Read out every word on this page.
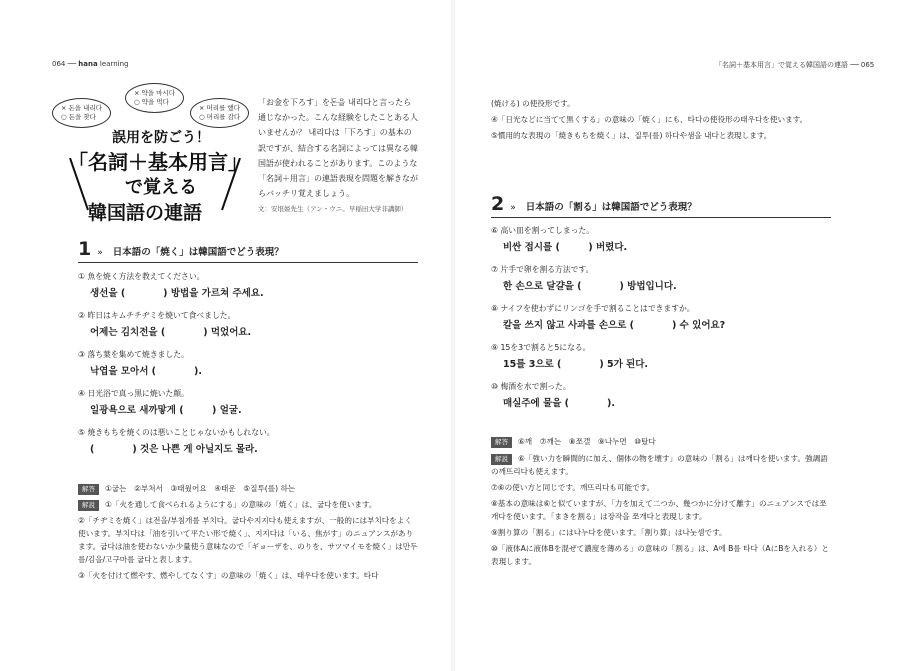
064 ── hana learning
× 돈을 내리다
○ 돈을 찾다
× 약을 마시다
○ 약을 먹다
× 머리를 했다
○ 머리를 감다
誤用を防ごう！
「名詞＋基本用言」
で覚える
韓国語の連語
「お金を下ろす」を돈을 내리다と言ったら通じなかった。こんな経験をしたことある人いませんか？ 내리다は「下ろす」の基本の訳ですが、結合する名詞によっては異なる韓国語が使われることがあります。このような「名詞＋用言」の連語表現を問題を解きながらバッチリ覚えましょう。
文：安垠姫先生（アン・ウニ。早稲田大学非講師）
1 » 日本語の「焼く」は韓国語でどう表現？
① 魚を焼く方法を教えてください。
생선을 (　　　　) 방법을 가르쳐 주세요.
② 昨日はキムチチヂミを焼いて食べました。
어제는 김치전을 (　　　　) 먹었어요.
③ 落ち葉を集めて焼きました。
낙엽을 모아서 (　　　　).
④ 日光浴で真っ黒に焼いた顔。
일광욕으로 새까맣게 (　　　) 얼굴.
⑤ 焼きもちを焼くのは悪いことじゃないかもしれない。
(　　　　) 것은 나쁜 게 아닐지도 몰라.
解答 ①굽는　②부쳐서　③태웠어요　④태운　⑤질투(를) 하는
解説 ①「火を通して食べられるようにする」の意味の「焼く」は、굽다を使います。
②「チヂミを焼く」は전을/부침개를 부치다。굽다や지지다も使えますが、一般的には부치다をよく使います。부치다は「油を引いて平たい形で焼く」、지지다は「いる、焦がす」のニュアンスがあります。굽다は油を使わないか少量使う意味なので「ギョーザを、のりを、サツマイモを焼く」は만두를/김을/고구마를 굽다と表します。
③「火を付けて燃やす、燃やしてなくす」の意味の「焼く」は、태우다を使います。타다
「名詞＋基本用言」で覚える韓国語の連語 ── 065
(焼ける) の使役形です。
④「日光などに当てて黒くする」の意味の「焼く」にも、타다の使役形の태우다を使います。
⑤慣用的な表現の「焼きもちを焼く」は、질투(를) 하다や샘을 내다と表現します。
2 » 日本語の「割る」は韓国語でどう表現？
⑥ 高い皿を割ってしまった。
비싼 접시를 (　　　) 버렸다.
⑦ 片手で卵を割る方法です。
한 손으로 달걀을 (　　　　) 방법입니다.
⑧ ナイフを使わずにリンゴを手で割ることはできますか。
칼을 쓰지 않고 사과를 손으로 (　　　　) 수 있어요?
⑨ 15を3で割ると5になる。
15를 3으로 (　　　　) 5가 된다.
⑩ 梅酒を水で割った。
매실주에 물을 (　　　　).
解答 ⑥깨　⑦깨는　⑧쪼갤　⑨나누면　⑩탔다
解説 ⑥「強い力を瞬間的に加え、個体の物を壊す」の意味の「割る」は깨다を使います。強調語の깨뜨리다も使えます。
⑦⑥の使い方と同じです。깨뜨리다も可能です。
⑧基本の意味は⑥と似ていますが、「力を加えて二つか、幾つかに分けて離す」のニュアンスでは쪼개다を使います。「まきを割る」は장작을 쪼개다と表現します。
⑨割り算の「割る」には나누다を使います。「割り算」は나눗셈です。
⑩「液体Aに液体Bを混ぜて濃度を薄める」の意味の「割る」は、A에 B를 타다（AにBを入れる）と表現します。
